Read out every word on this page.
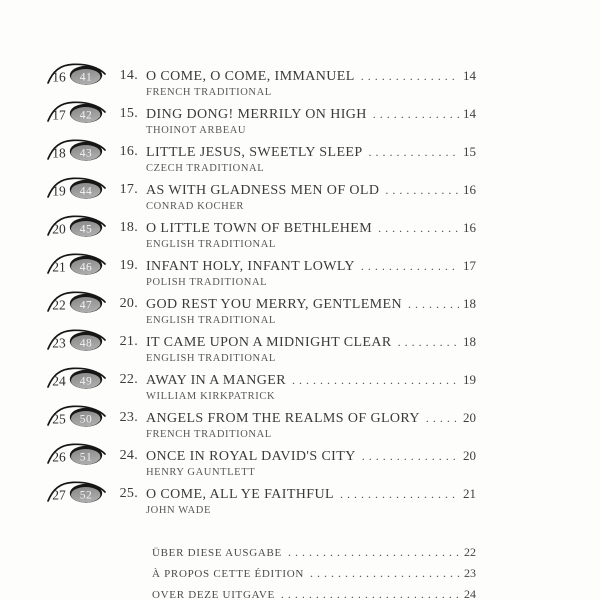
16 41	14. O COME, O COME, IMMANUEL .....	14
FRENCH TRADITIONAL
17 42	15. DING DONG! MERRILY ON HIGH .....	14
THOINOT ARBEAU
18 43	16. LITTLE JESUS, SWEETLY SLEEP .....	15
CZECH TRADITIONAL
19 44	17. AS WITH GLADNESS MEN OF OLD .....	16
CONRAD KOCHER
20 45	18. O LITTLE TOWN OF BETHLEHEM .....	16
ENGLISH TRADITIONAL
21 46	19. INFANT HOLY, INFANT LOWLY .....	17
POLISH TRADITIONAL
22 47	20. GOD REST YOU MERRY, GENTLEMEN .....	18
ENGLISH TRADITIONAL
23 48	21. IT CAME UPON A MIDNIGHT CLEAR .....	18
ENGLISH TRADITIONAL
24 49	22. AWAY IN A MANGER .....	19
WILLIAM KIRKPATRICK
25 50	23. ANGELS FROM THE REALMS OF GLORY .....	20
FRENCH TRADITIONAL
26 51	24. ONCE IN ROYAL DAVID'S CITY .....	20
HENRY GAUNTLETT
27 52	25. O COME, ALL YE FAITHFUL .....	21
JOHN WADE
ÜBER DIESE AUSGABE .....	22
À PROPOS CETTE ÉDITION .....	23
OVER DEZE UITGAVE .....	24
